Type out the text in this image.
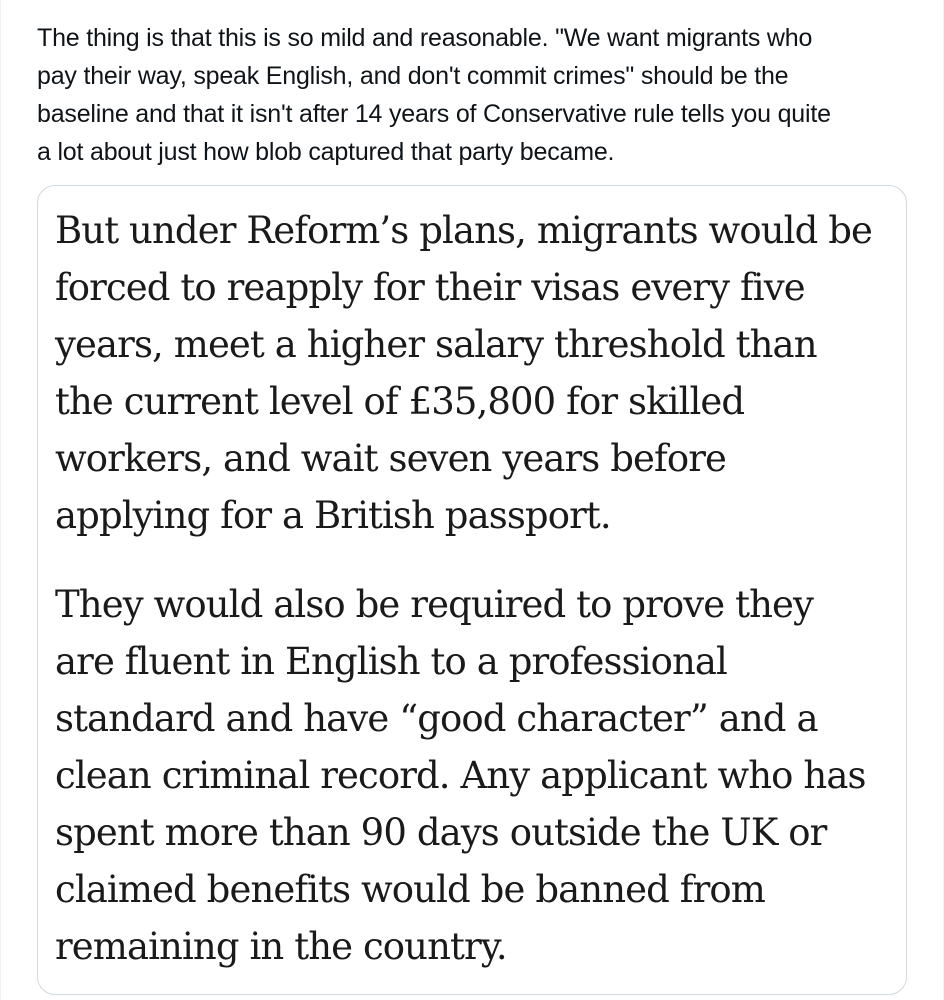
The thing is that this is so mild and reasonable. "We want migrants who
pay their way, speak English, and don't commit crimes" should be the
baseline and that it isn't after 14 years of Conservative rule tells you quite
a lot about just how blob captured that party became.

But under Reform’s plans, migrants would be
forced to reapply for their visas every five
years, meet a higher salary threshold than
the current level of £35,800 for skilled
workers, and wait seven years before
applying for a British passport.

They would also be required to prove they
are fluent in English to a professional
standard and have “good character” and a
clean criminal record. Any applicant who has
spent more than 90 days outside the UK or
claimed benefits would be banned from
remaining in the country.
